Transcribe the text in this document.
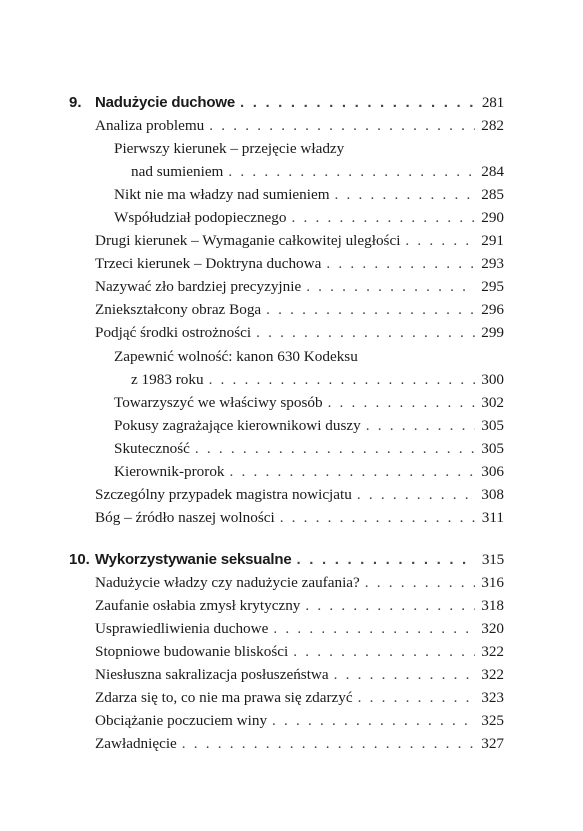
9. Nadużycie duchowe . . .	281
Analiza problemu . . .	282
Pierwszy kierunek – przejęcie władzy
nad sumieniem . . .	284
Nikt nie ma władzy nad sumieniem . . .	285
Współudział podopiecznego . . .	290
Drugi kierunek – Wymaganie całkowitej uległości . . .	291
Trzeci kierunek – Doktryna duchowa . . .	293
Nazywać zło bardziej precyzyjnie . . .	295
Zniekształcony obraz Boga . . .	296
Podjąć środki ostrożności . . .	299
Zapewnić wolność: kanon 630 Kodeksu
z 1983 roku . . .	300
Towarzyszyć we właściwy sposób . . .	302
Pokusy zagrażające kierownikowi duszy . . .	305
Skuteczność . . .	305
Kierownik-prorok . . .	306
Szczególny przypadek magistra nowicjatu . . .	308
Bóg – źródło naszej wolności . . .	311
10. Wykorzystywanie seksualne . . .	315
Nadużycie władzy czy nadużycie zaufania? . . .	316
Zaufanie osłabia zmysł krytyczny . . .	318
Usprawiedliwienia duchowe . . .	320
Stopniowe budowanie bliskości . . .	322
Niesłuszna sakralizacja posłuszeństwa . . .	322
Zdarza się to, co nie ma prawa się zdarzyć . . .	323
Obciążanie poczuciem winy . . .	325
Zawładnięcie . . .	327
